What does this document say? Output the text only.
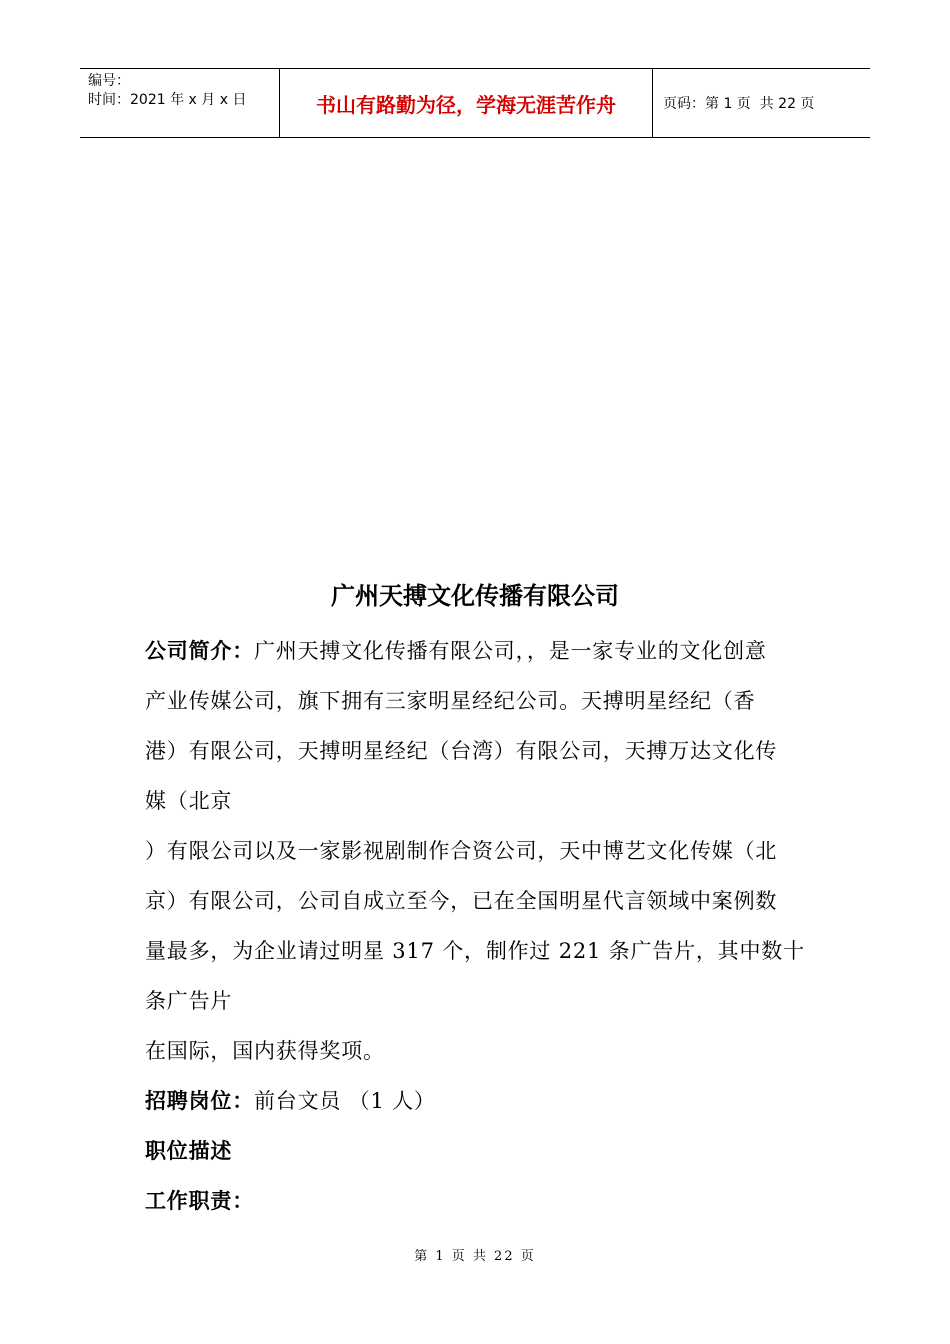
编号：
时间：2021 年 x 月 x 日	书山有路勤为径，学海无涯苦作舟	页码：第 1 页  共 22 页
广州天搏文化传播有限公司
公司简介：广州天搏文化传播有限公司，，是一家专业的文化创意
产业传媒公司，旗下拥有三家明星经纪公司。天搏明星经纪（香
港）有限公司，天搏明星经纪（台湾）有限公司，天搏万达文化传
媒（北京
）有限公司以及一家影视剧制作合资公司，天中博艺文化传媒（北
京）有限公司，公司自成立至今，已在全国明星代言领域中案例数
量最多，为企业请过明星 317 个，制作过 221 条广告片，其中数十
条广告片
在国际，国内获得奖项。
招聘岗位：前台文员 （1 人）
职位描述
工作职责：
第 1 页 共 22 页
